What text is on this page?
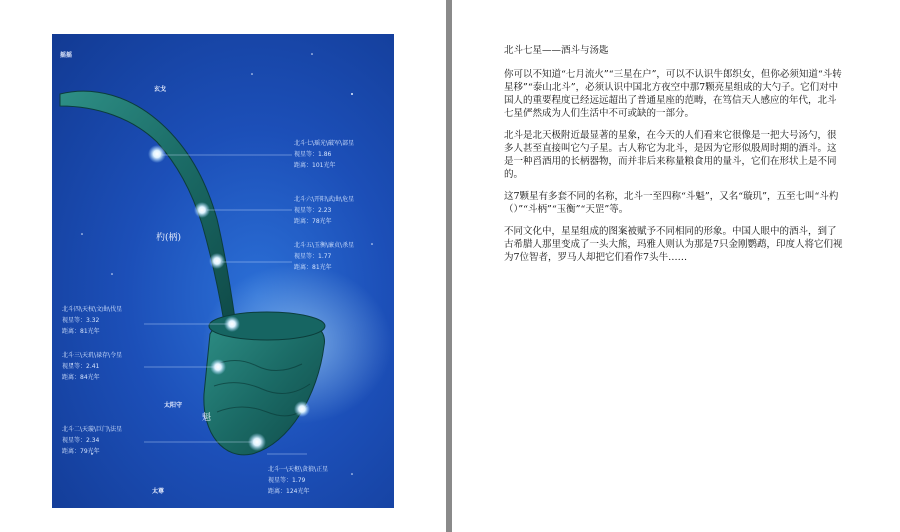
摇摇
玄戈
太阳守
太尊
杓(柄)
魁
北斗七\瑶光\破军\部星
视星等：1.86
距离：101光年
北斗六\开阳\武曲\危星
视星等：2.23
距离：78光年
北斗五\玉衡\廉贞\杀星
视星等：1.77
距离：81光年
北斗四\天权\文曲\伐星
视星等：3.32
距离：81光年
北斗三\天玑\禄存\令星
视星等：2.41
距离：84光年
北斗二\天璇\巨门\法星
视星等：2.34
距离：79光年
北斗一\天枢\贪狼\正星
视星等：1.79
距离：124光年
北斗七星——酒斗与汤匙

你可以不知道“七月流火”“三星在户”，可以不认识牛郎织女，但你必须知道“斗转星移”“泰山北斗”，必须认识中国北方夜空中那7颗亮星组成的大勺子。它们对中国人的重要程度已经远远超出了普通星座的范畴，在笃信天人感应的年代，北斗七星俨然成为人们生活中不可或缺的一部分。

北斗是北天极附近最显著的星象，在今天的人们看来它很像是一把大号汤勺，很多人甚至直接叫它勺子星。古人称它为北斗，是因为它形似殷周时期的酒斗。这是一种舀酒用的长柄器物，而并非后来称量粮食用的量斗，它们在形状上是不同的。

这7颗星有多套不同的名称，北斗一至四称“斗魁”，又名“璇玑”，五至七叫“斗杓（）”“斗柄”“玉衡”“天罡”等。

不同文化中，星星组成的图案被赋予不同相同的形象。中国人眼中的酒斗，到了古希腊人那里变成了一头大熊，玛雅人则认为那是7只金刚鹦鹉，印度人将它们视为7位智者，罗马人却把它们看作7头牛……
